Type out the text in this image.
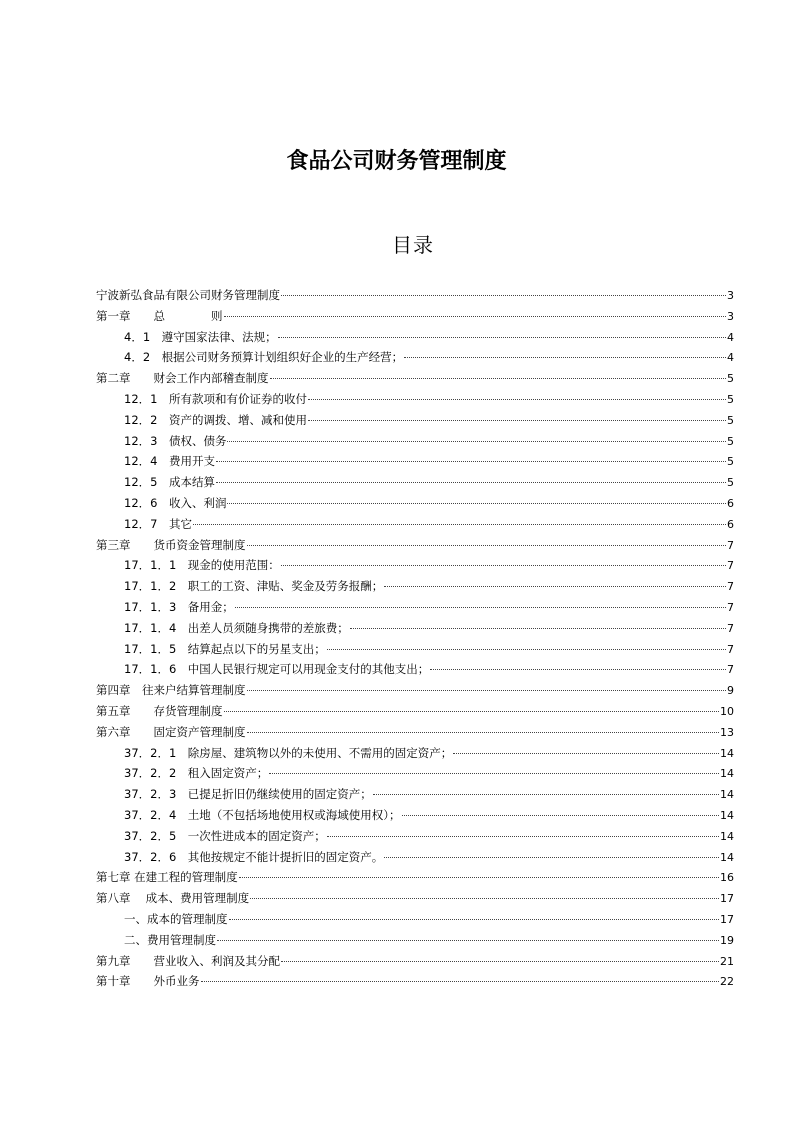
食品公司财务管理制度
目录
宁波新弘食品有限公司财务管理制度	3
第一章　　总　　　　则	3
4．1　遵守国家法律、法规；	4
4．2　根据公司财务预算计划组织好企业的生产经营；	4
第二章　　财会工作内部稽查制度	5
12．1　所有款项和有价证券的收付	5
12．2　资产的调拨、增、减和使用	5
12．3　债权、债务	5
12．4　费用开支	5
12．5　成本结算	5
12．6　收入、利润	6
12．7　其它	6
第三章　　货币资金管理制度	7
17．1．1　现金的使用范围：	7
17．1．2　职工的工资、津贴、奖金及劳务报酬；	7
17．1．3　备用金；	7
17．1．4　出差人员须随身携带的差旅费；	7
17．1．5　结算起点以下的另星支出；	7
17．1．6　中国人民银行规定可以用现金支付的其他支出；	7
第四章　往来户结算管理制度	9
第五章　　存货管理制度	10
第六章　　固定资产管理制度	13
37．2．1　除房屋、建筑物以外的未使用、不需用的固定资产；	14
37．2．2　租入固定资产；	14
37．2．3　已提足折旧仍继续使用的固定资产；	14
37．2．4　土地（不包括场地使用权或海域使用权）；	14
37．2．5　一次性进成本的固定资产；	14
37．2．6　其他按规定不能计提折旧的固定资产。	14
第七章 在建工程的管理制度	16
第八章　 成本、费用管理制度	17
一、成本的管理制度	17
二、费用管理制度	19
第九章　　营业收入、利润及其分配	21
第十章　　外币业务	22
